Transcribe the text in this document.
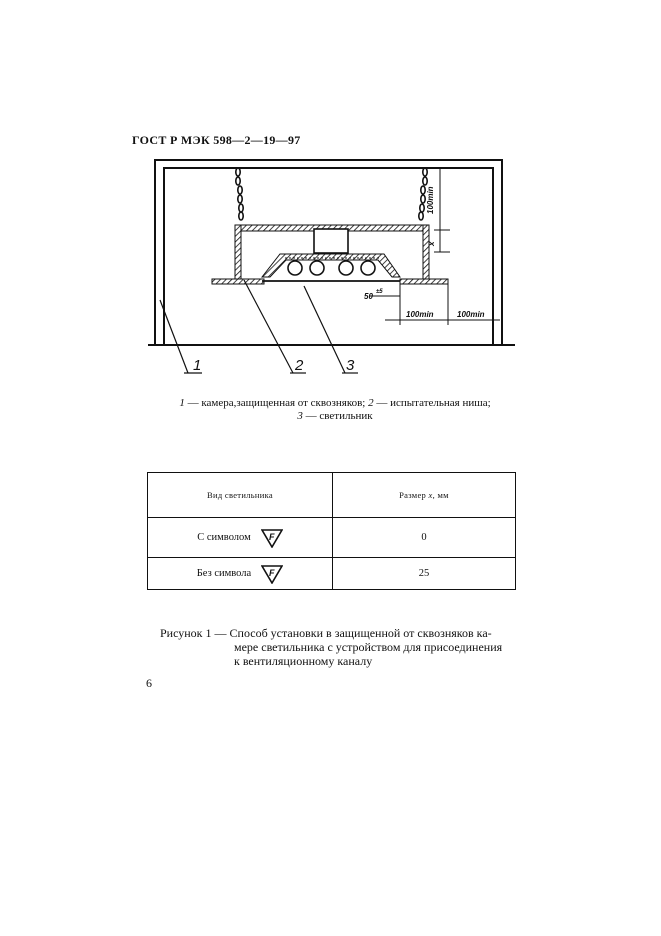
ГОСТ Р МЭК 598—2—19—97
100min
x
50 ±5
100min	100min
1	2	3
1 — камера,защищенная от сквозняков; 2 — испытательная ниша;
3 — светильник
Вид светильника	Размер x, мм

С символом F	0

Без символа F	25
Рисунок 1 — Способ установки в защищенной от сквозняков ка-
мере светильника с устройством для присоединения
к вентиляционному каналу
6
